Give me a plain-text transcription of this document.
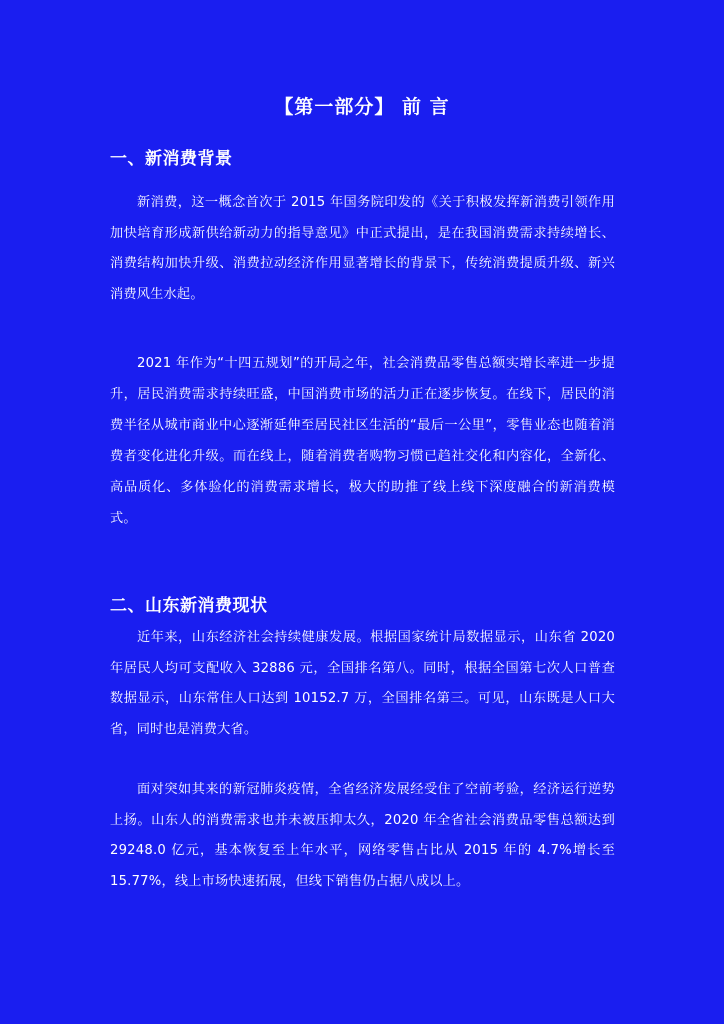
【第一部分】 前 言
一、新消费背景

新消费，这一概念首次于 2015 年国务院印发的《关于积极发挥新消费引领作用 加快培育形成新供给新动力的指导意见》中正式提出，是在我国消费需求持续增长、消费结构加快升级、消费拉动经济作用显著增长的背景下，传统消费提质升级、新兴消费风生水起。

2021 年作为“十四五规划”的开局之年，社会消费品零售总额实增长率进一步提升，居民消费需求持续旺盛，中国消费市场的活力正在逐步恢复。在线下，居民的消费半径从城市商业中心逐渐延伸至居民社区生活的“最后一公里”，零售业态也随着消费者变化进化升级。而在线上，随着消费者购物习惯已趋社交化和内容化，全新化、高品质化、多体验化的消费需求增长，极大的助推了线上线下深度融合的新消费模式。

二、山东新消费现状

近年来，山东经济社会持续健康发展。根据国家统计局数据显示，山东省 2020 年居民人均可支配收入 32886 元，全国排名第八。同时，根据全国第七次人口普查数据显示，山东常住人口达到 10152.7 万，全国排名第三。可见，山东既是人口大省，同时也是消费大省。

面对突如其来的新冠肺炎疫情，全省经济发展经受住了空前考验，经济运行逆势上扬。山东人的消费需求也并未被压抑太久，2020 年全省社会消费品零售总额达到 29248.0 亿元，基本恢复至上年水平，网络零售占比从 2015 年的 4.7%增长至 15.77%，线上市场快速拓展，但线下销售仍占据八成以上。
